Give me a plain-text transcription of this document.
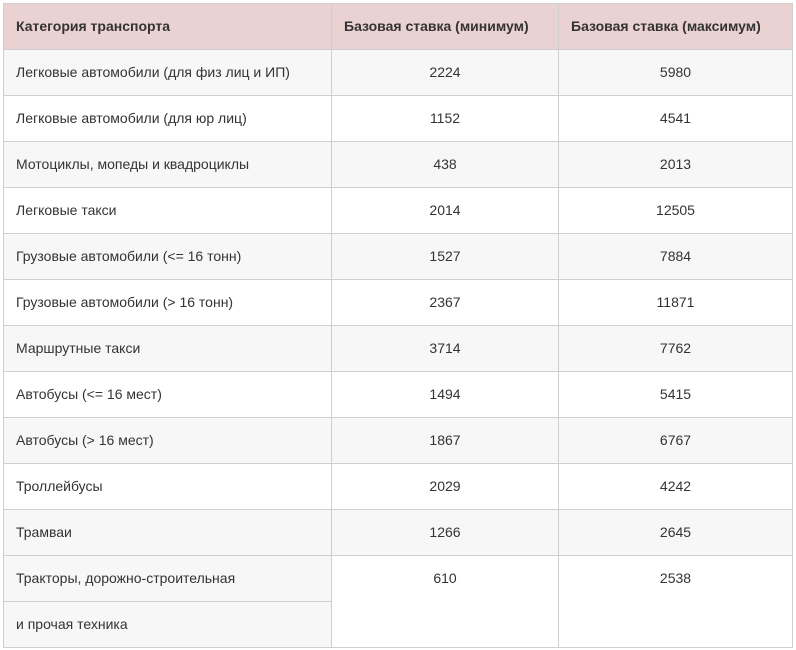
Категория транспорта	Базовая ставка (минимум)	Базовая ставка (максимум)
Легковые автомобили (для физ лиц и ИП)	2224	5980
Легковые автомобили (для юр лиц)	1152	4541
Мотоциклы, мопеды и квадроциклы	438	2013
Легковые такси	2014	12505
Грузовые автомобили (<= 16 тонн)	1527	7884
Грузовые автомобили (> 16 тонн)	2367	11871
Маршрутные такси	3714	7762
Автобусы (<= 16 мест)	1494	5415
Автобусы (> 16 мест)	1867	6767
Троллейбусы	2029	4242
Трамваи	1266	2645

Тракторы, дорожно-строительная
и прочая техника	610	2538
